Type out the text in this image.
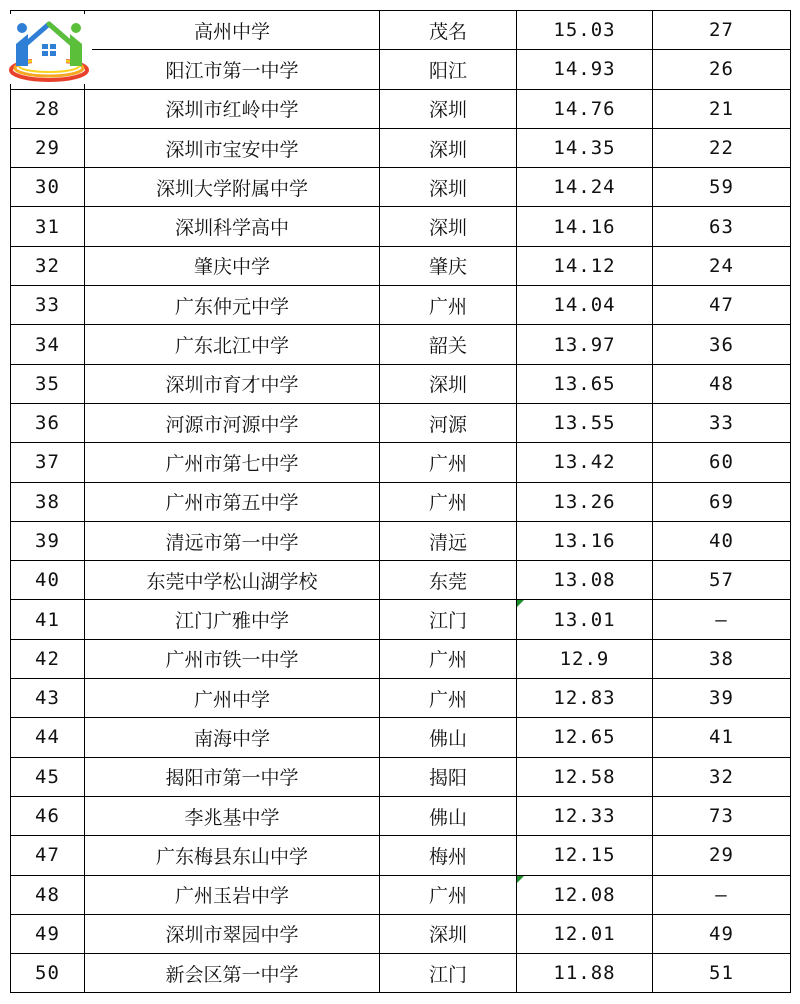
	高州中学	茂名	15.03	27
	阳江市第一中学	阳江	14.93	26
28	深圳市红岭中学	深圳	14.76	21
29	深圳市宝安中学	深圳	14.35	22
30	深圳大学附属中学	深圳	14.24	59
31	深圳科学高中	深圳	14.16	63
32	肇庆中学	肇庆	14.12	24
33	广东仲元中学	广州	14.04	47
34	广东北江中学	韶关	13.97	36
35	深圳市育才中学	深圳	13.65	48
36	河源市河源中学	河源	13.55	33
37	广州市第七中学	广州	13.42	60
38	广州市第五中学	广州	13.26	69
39	清远市第一中学	清远	13.16	40
40	东莞中学松山湖学校	东莞	13.08	57
41	江门广雅中学	江门	13.01	—
42	广州市铁一中学	广州	12.9	38
43	广州中学	广州	12.83	39
44	南海中学	佛山	12.65	41
45	揭阳市第一中学	揭阳	12.58	32
46	李兆基中学	佛山	12.33	73
47	广东梅县东山中学	梅州	12.15	29
48	广州玉岩中学	广州	12.08	—
49	深圳市翠园中学	深圳	12.01	49
50	新会区第一中学	江门	11.88	51
